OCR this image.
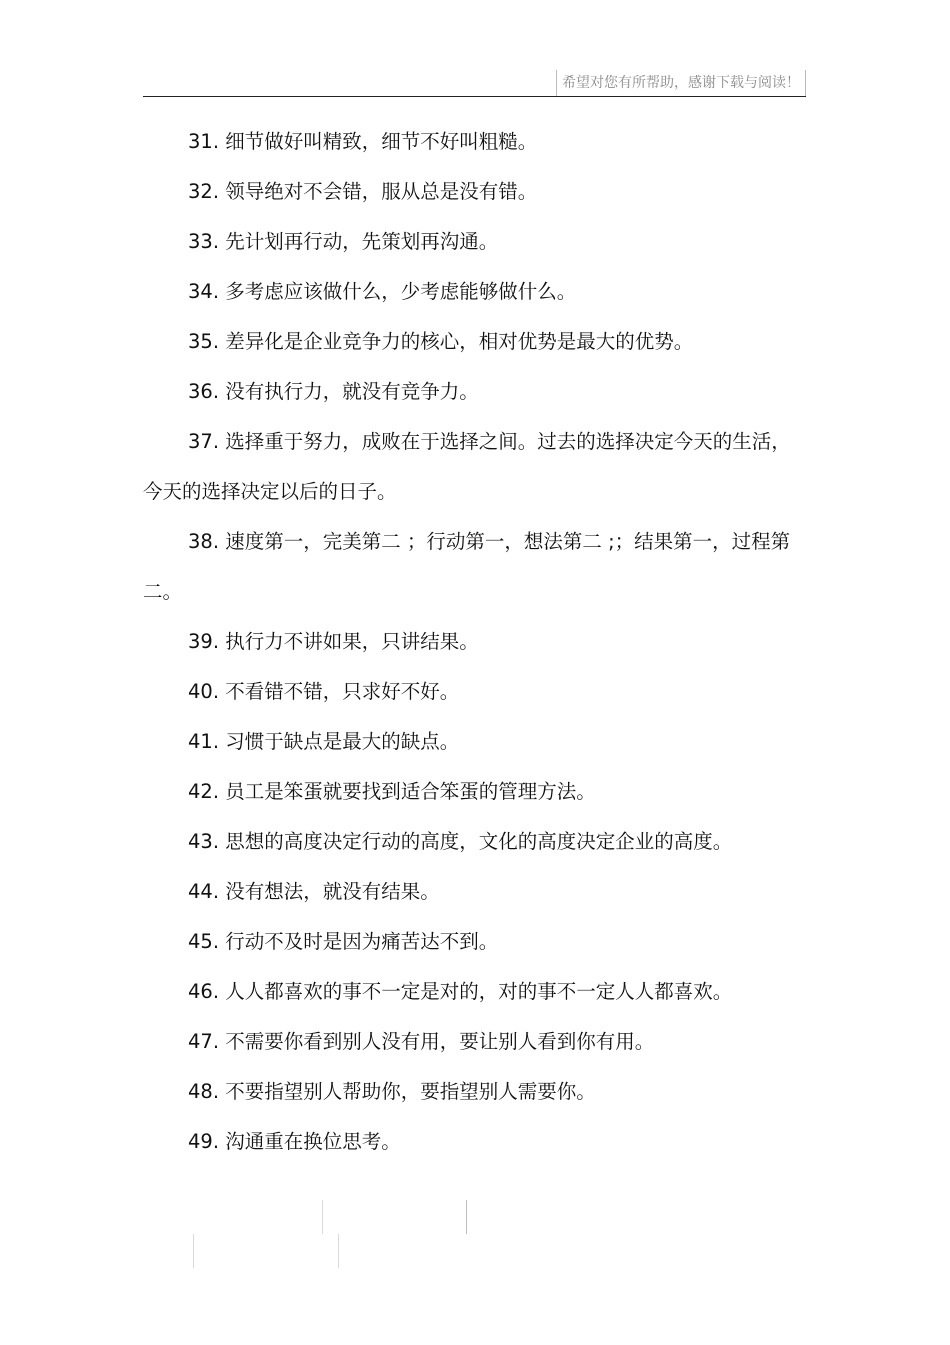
希望对您有所帮助，感谢下载与阅读！

31. 细节做好叫精致，细节不好叫粗糙。

32. 领导绝对不会错，服从总是没有错。

33. 先计划再行动，先策划再沟通。

34. 多考虑应该做什么，少考虑能够做什么。

35. 差异化是企业竞争力的核心，相对优势是最大的优势。

36. 没有执行力，就没有竞争力。

37. 选择重于努力，成败在于选择之间。过去的选择决定今天的生活，今天的选择决定以后的日子。

38. 速度第一，完美第二 ；行动第一，想法第二 ;；结果第一，过程第二。

39. 执行力不讲如果，只讲结果。

40. 不看错不错，只求好不好。

41. 习惯于缺点是最大的缺点。

42. 员工是笨蛋就要找到适合笨蛋的管理方法。

43. 思想的高度决定行动的高度，文化的高度决定企业的高度。

44. 没有想法，就没有结果。

45. 行动不及时是因为痛苦达不到。

46. 人人都喜欢的事不一定是对的，对的事不一定人人都喜欢。

47. 不需要你看到别人没有用，要让别人看到你有用。

48. 不要指望别人帮助你，要指望别人需要你。

49. 沟通重在换位思考。
